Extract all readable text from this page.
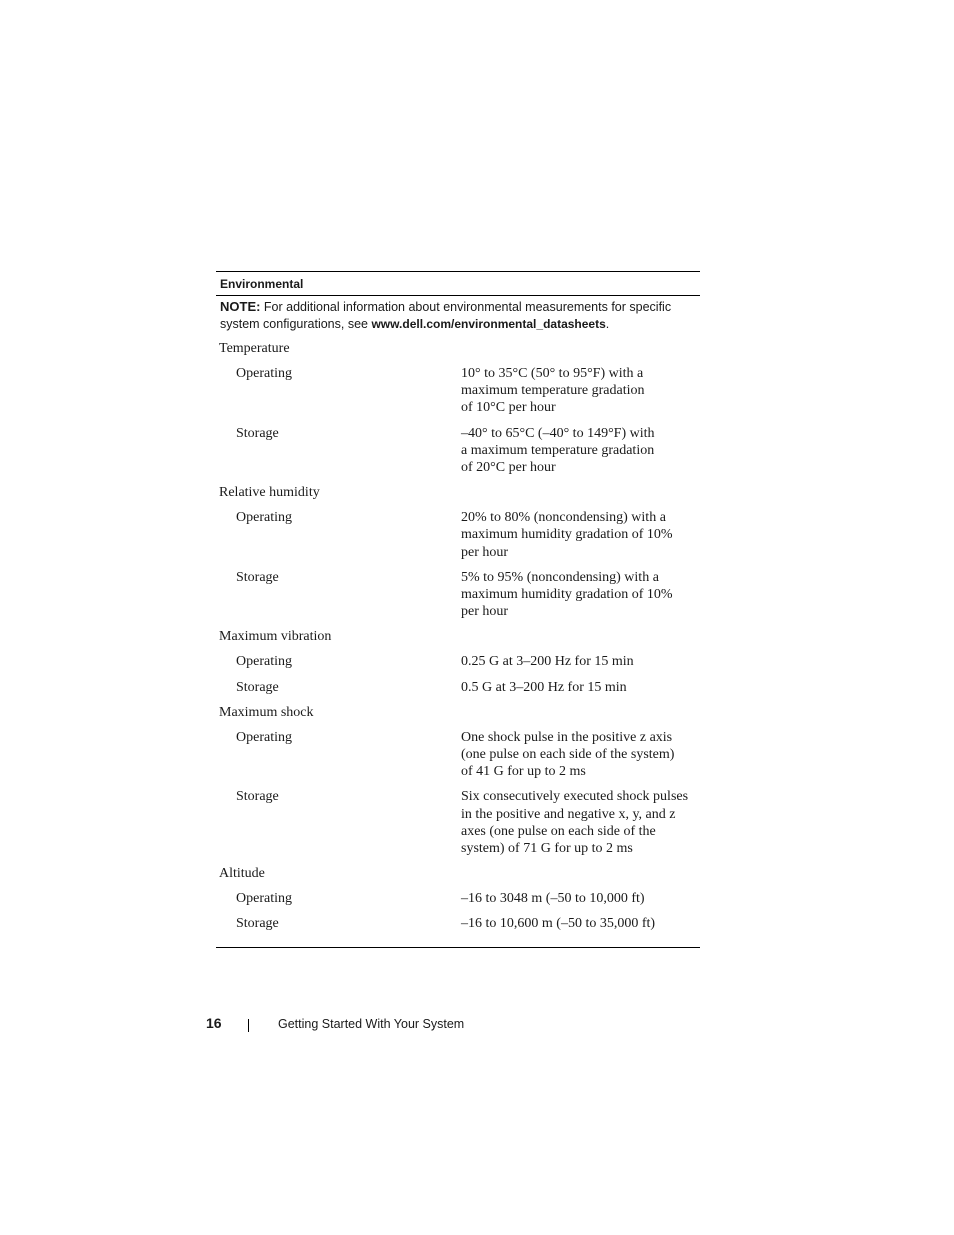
Environmental
NOTE: For additional information about environmental measurements for specific system configurations, see www.dell.com/environmental_datasheets.
Temperature
Operating	10° to 35°C (50° to 95°F) with a
maximum temperature gradation
of 10°C per hour
Storage	–40° to 65°C (–40° to 149°F) with
a maximum temperature gradation
of 20°C per hour
Relative humidity
Operating	20% to 80% (noncondensing) with a
maximum humidity gradation of 10%
per hour
Storage	5% to 95% (noncondensing) with a
maximum humidity gradation of 10%
per hour
Maximum vibration
Operating	0.25 G at 3–200 Hz for 15 min
Storage	0.5 G at 3–200 Hz for 15 min
Maximum shock
Operating	One shock pulse in the positive z axis
(one pulse on each side of the system)
of 41 G for up to 2 ms
Storage	Six consecutively executed shock pulses
in the positive and negative x, y, and z
axes (one pulse on each side of the
system) of 71 G for up to 2 ms
Altitude
Operating	–16 to 3048 m (–50 to 10,000 ft)
Storage	–16 to 10,600 m (–50 to 35,000 ft)
16	Getting Started With Your System
